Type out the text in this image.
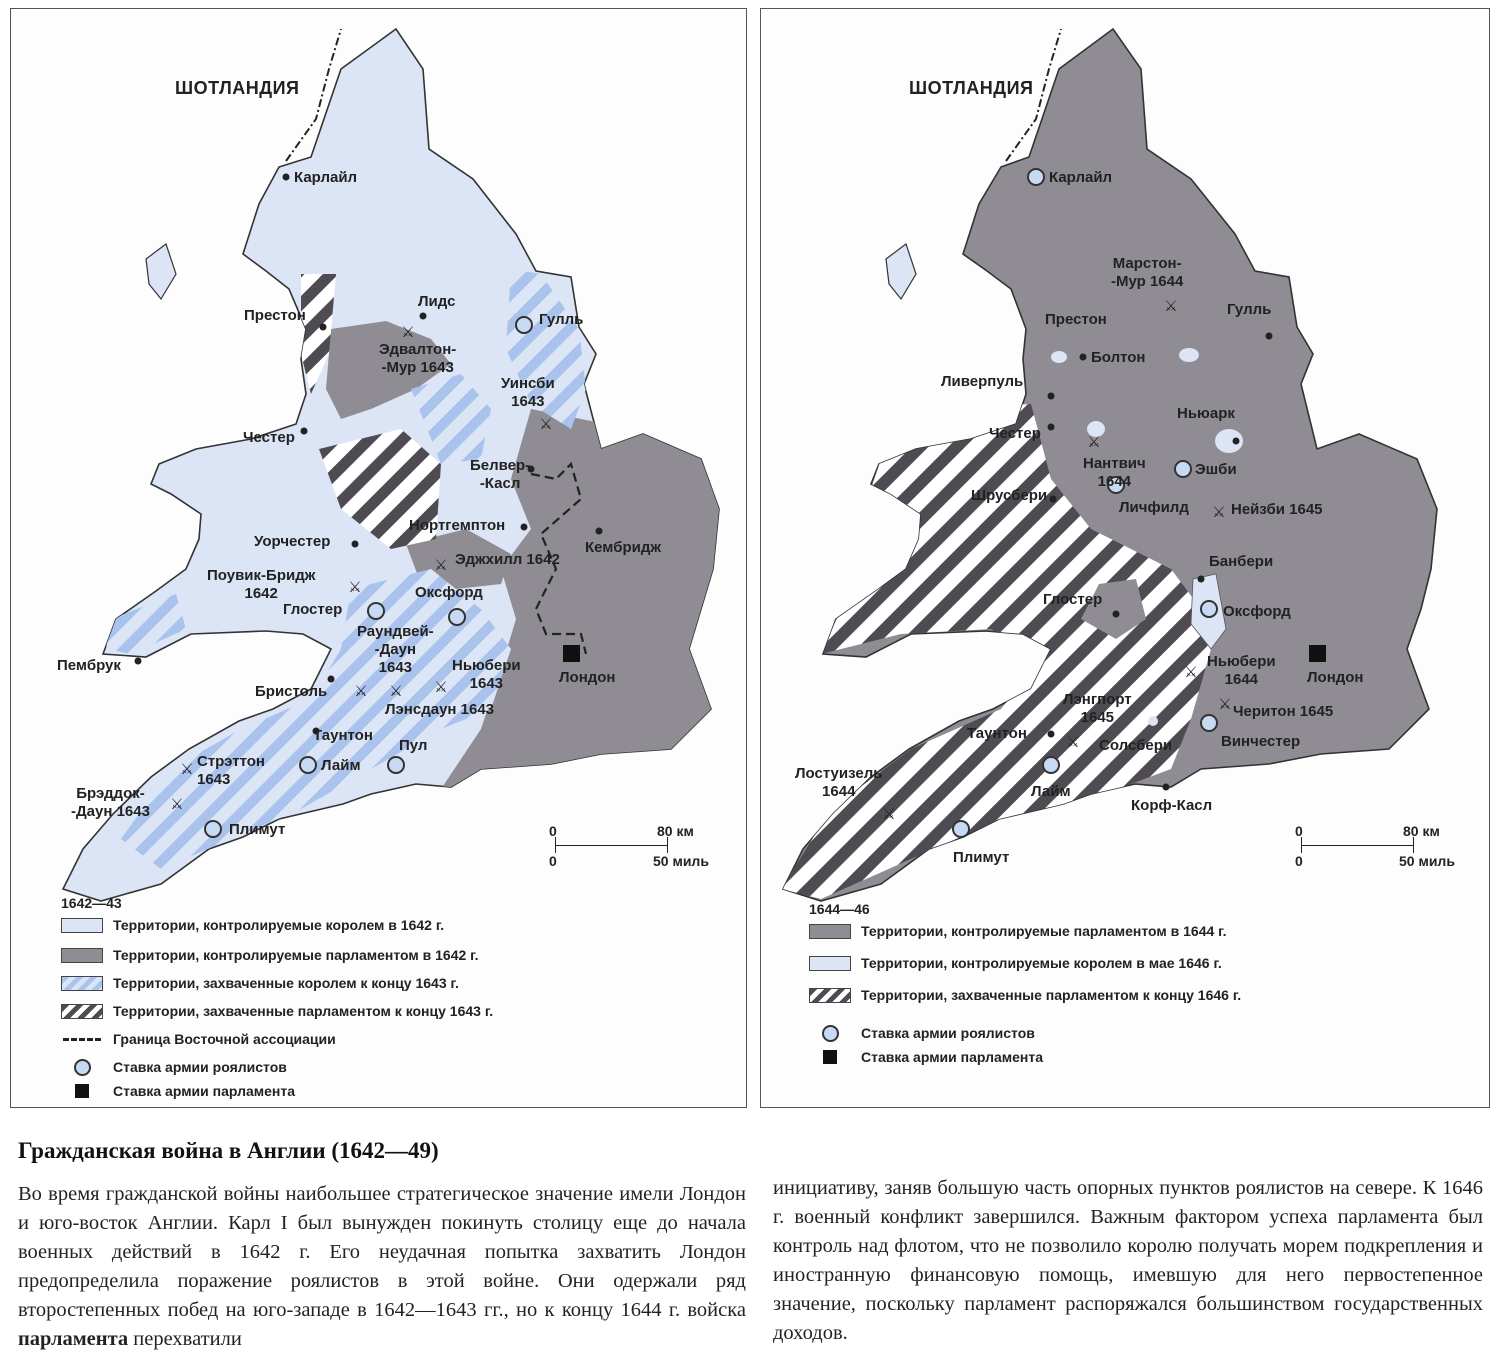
⚔
⚔
⚔
⚔
⚔ ⚔ ⚔
⚔
⚔
ШОТЛАНДИЯ
Карлайл
Престон
Лидс
Гулль
Эдвалтон-
-Мур 1643
Уинсби
1643
Честер
Белвер-
-Касл
Нортгемптон
Кембридж
Уорчестер
Эджхилл 1642
Поувик-Бридж
1642	Оксфорд
Глостер
Раундвей-
-Даун
1643
Пембрук	Ньюбери
1643	Лондон
Бристоль
Лэнсдаун 1643
Таунтон
Пул
Лайм
Стрэттон
1643
Брэддок-
-Даун 1643
Плимут	0	80 км
0	50 миль
1642—43
Территории, контролируемые королем в 1642 г.
Территории, контролируемые парламентом в 1642 г.
Территории, захваченные королем к концу 1643 г.
Территории, захваченные парламентом к концу 1643 г.
Граница Восточной ассоциации
Ставка армии роялистов
Ставка армии парламента
⚔
⚔
⚔
⚔
⚔
⚔
⚔
ШОТЛАНДИЯ
Карлайл
Марстон-
-Мур 1644
Гулль
Престон
Болтон
Ливерпуль
Ньюарк
Честер
Нантвич
1644
Эшби
Шрусбери
Личфилд	Нейзби 1645
Банбери
Оксфорд
Глостер
Ньюбери
1644	Лондон
Лэнгпорт
1645	Черитон 1645
Таунтон
Солсбери	Винчестер
Лостуизель
1644	Лайм
Корф-Касл
Плимут
0	80 км
0	50 миль
1644—46
Территории, контролируемые парламентом в 1644 г.
Территории, контролируемые королем в мае 1646 г.
Территории, захваченные парламентом к концу 1646 г.
Ставка армии роялистов
Ставка армии парламента
Гражданская война в Англии (1642—49)
Во время гражданской войны наибольшее стратегическое значение имели Лондон и юго-восток Англии. Карл I был вынужден покинуть столицу еще до начала военных действий в 1642 г. Его неудачная попытка захватить Лондон предопределила поражение роялистов в этой войне. Они одержали ряд второстепенных побед на юго-западе в 1642—1643 гг., но к концу 1644 г. войска парламента перехватили
инициативу, заняв большую часть опорных пунктов роялистов на севере. К 1646 г. военный конфликт завершился. Важным фактором успеха парламента был контроль над флотом, что не позволило королю получать морем подкрепления и иностранную финансовую помощь, имевшую для него первостепенное значение, поскольку парламент распоряжался большинством государственных доходов.
